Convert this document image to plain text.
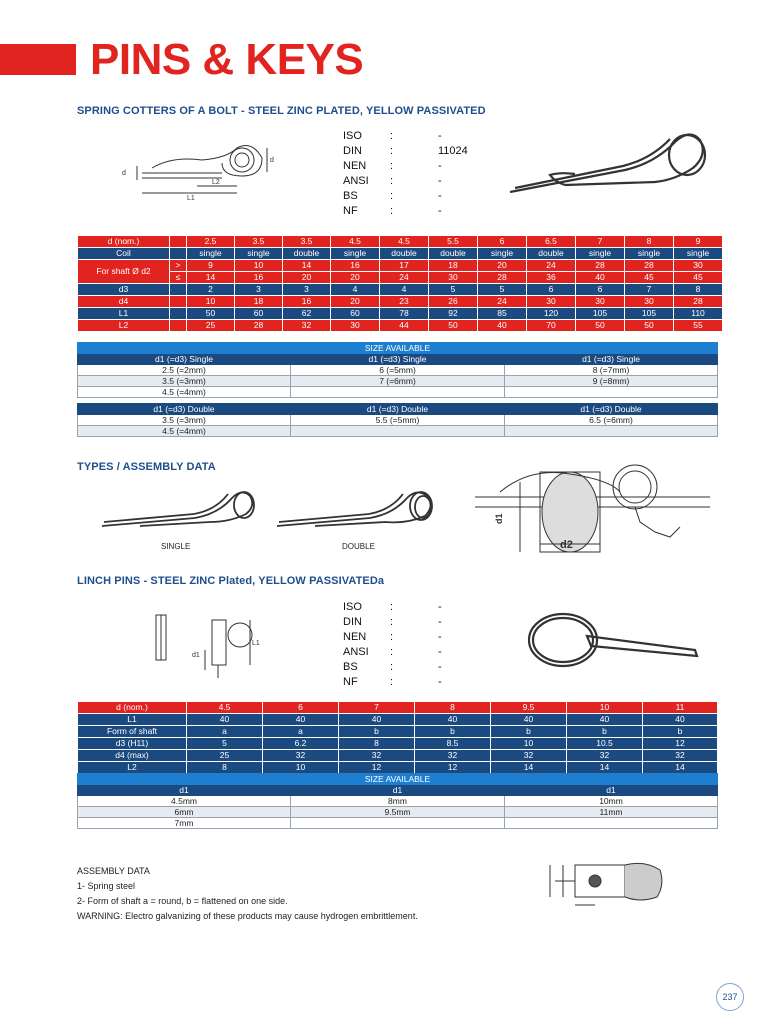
PINS & KEYS
SPRING COTTERS OF A BOLT - STEEL ZINC PLATED, YELLOW PASSIVATED
d
d
L2
L1
ISO	:	-
DIN	:	11024
NEN	:	-
ANSI	:	-
BS	:	-
NF	:	-
d (nom.)		2.5	3.5	3.5	4.5	4.5	5.5	6	6.5	7	8	9
Coil		single	single	double	single	double	double	single	double	single	single	single
For shaft Ø d2	>	9	10	14	16	17	18	20	24	28	28	30
	≤	14	16	20	20	24	30	28	36	40	45	45
d3		2	3	3	4	4	5	5	6	6	7	8
d4		10	18	16	20	23	26	24	30	30	30	28
L1		50	60	62	60	78	92	85	120	105	105	110
L2		25	28	32	30	44	50	40	70	50	50	55
SIZE AVAILABLE		
d1 (=d3) Single	d1 (=d3) Single	d1 (=d3) Single
2.5 (=2mm)	6 (=5mm)	8 (=7mm)
3.5 (=3mm)	7 (=6mm)	9 (=8mm)
4.5 (=4mm)		
d1 (=d3) Double	d1 (=d3) Double	d1 (=d3) Double
3.5 (=3mm)	5.5 (=5mm)	6.5 (=6mm)
4.5 (=4mm)		
TYPES / ASSEMBLY DATA
SINGLE	DOUBLE
d1
d2
LINCH PINS - STEEL ZINC Plated, YELLOW PASSIVATEDa
L1
d1
ISO	:	-
DIN	:	-
NEN	:	-
ANSI	:	-
BS	:	-
NF	:	-
d (nom.)	4.5	6	7	8	9.5	10	11
L1	40	40	40	40	40	40	40
Form of shaft	a	a	b	b	b	b	b
d3 (H11)	5	6.2	8	8.5	10	10.5	12
d4 (max)	25	32	32	32	32	32	32
L2	8	10	12	12	14	14	14
SIZE AVAILABLE		
d1	d1	d1
4.5mm	8mm	10mm
6mm	9.5mm	11mm
7mm		
ASSEMBLY DATA
1- Spring steel
2- Form of shaft a = round, b = flattened on one side.
WARNING: Electro galvanizing of these products may cause hydrogen embrittlement.
237
